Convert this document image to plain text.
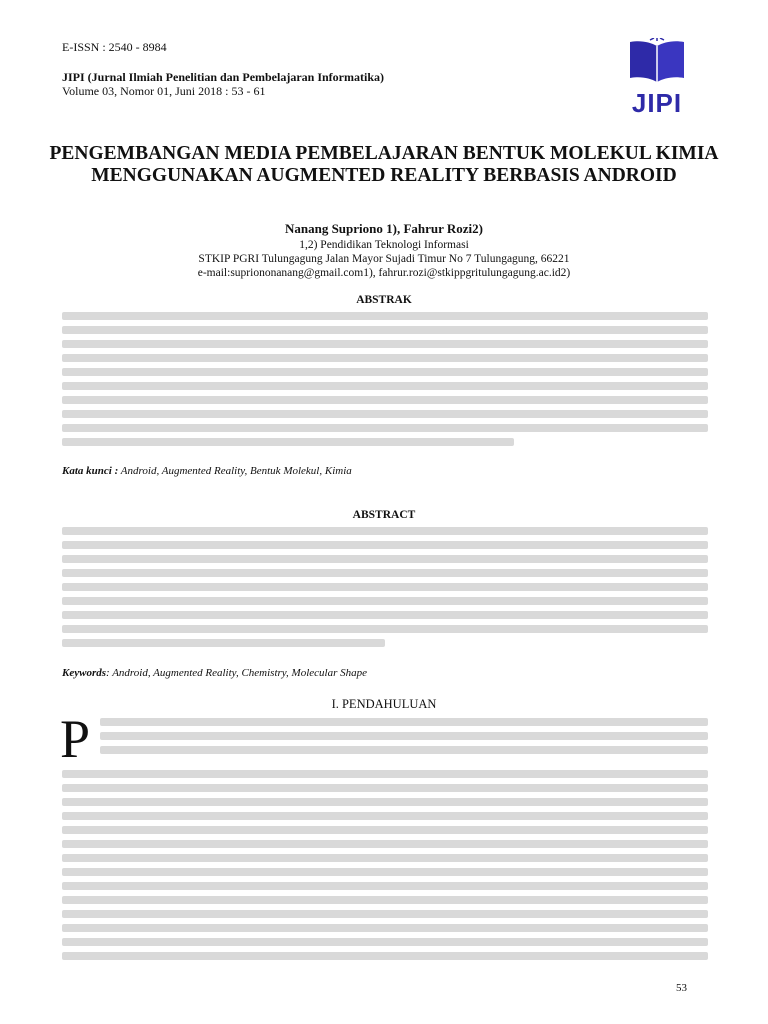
E-ISSN : 2540 - 8984
JIPI (Jurnal Ilmiah Penelitian dan Pembelajaran Informatika)
Volume 03, Nomor 01, Juni 2018 : 53 - 61	JIPI
PENGEMBANGAN MEDIA PEMBELAJARAN BENTUK MOLEKUL KIMIA MENGGUNAKAN AUGMENTED REALITY BERBASIS ANDROID
Nanang Supriono 1), Fahrur Rozi2)
1,2) Pendidikan Teknologi Informasi
STKIP PGRI Tulungagung Jalan Mayor Sujadi Timur No 7 Tulungagung, 66221
e-mail:supriononanang@gmail.com1), fahrur.rozi@stkippgritulungagung.ac.id2)
ABSTRAK
Kata kunci : Android, Augmented Reality, Bentuk Molekul, Kimia
ABSTRACT
Keywords: Android, Augmented Reality, Chemistry, Molecular Shape
I. PENDAHULUAN
P
53
